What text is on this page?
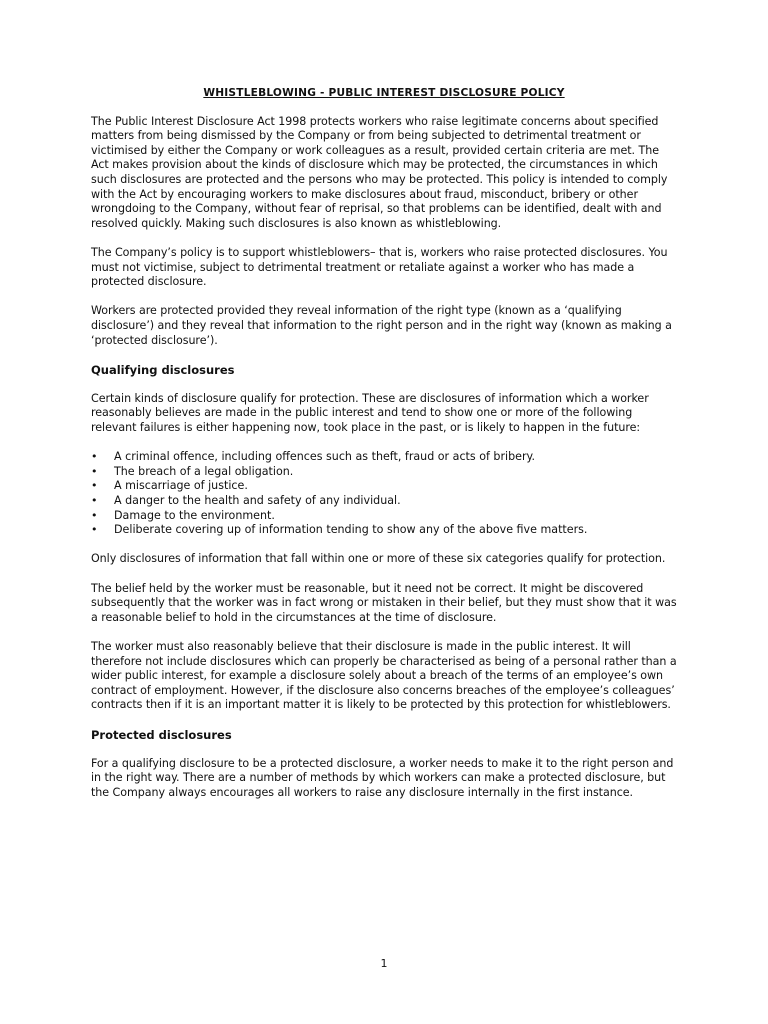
WHISTLEBLOWING - PUBLIC INTEREST DISCLOSURE POLICY

The Public Interest Disclosure Act 1998 protects workers who raise legitimate concerns about specified matters from being dismissed by the Company or from being subjected to detrimental treatment or victimised by either the Company or work colleagues as a result, provided certain criteria are met. The Act makes provision about the kinds of disclosure which may be protected, the circumstances in which such disclosures are protected and the persons who may be protected. This policy is intended to comply with the Act by encouraging workers to make disclosures about fraud, misconduct, bribery or other wrongdoing to the Company, without fear of reprisal, so that problems can be identified, dealt with and resolved quickly. Making such disclosures is also known as whistleblowing.

The Company’s policy is to support whistleblowers– that is, workers who raise protected disclosures. You must not victimise, subject to detrimental treatment or retaliate against a worker who has made a protected disclosure.

Workers are protected provided they reveal information of the right type (known as a ‘qualifying disclosure’) and they reveal that information to the right person and in the right way (known as making a ‘protected disclosure’).

Qualifying disclosures

Certain kinds of disclosure qualify for protection. These are disclosures of information which a worker reasonably believes are made in the public interest and tend to show one or more of the following relevant failures is either happening now, took place in the past, or is likely to happen in the future:

• A criminal offence, including offences such as theft, fraud or acts of bribery.
• The breach of a legal obligation.
• A miscarriage of justice.
• A danger to the health and safety of any individual.
• Damage to the environment.
• Deliberate covering up of information tending to show any of the above five matters.

Only disclosures of information that fall within one or more of these six categories qualify for protection.

The belief held by the worker must be reasonable, but it need not be correct. It might be discovered subsequently that the worker was in fact wrong or mistaken in their belief, but they must show that it was a reasonable belief to hold in the circumstances at the time of disclosure.

The worker must also reasonably believe that their disclosure is made in the public interest. It will therefore not include disclosures which can properly be characterised as being of a personal rather than a wider public interest, for example a disclosure solely about a breach of the terms of an employee’s own contract of employment. However, if the disclosure also concerns breaches of the employee’s colleagues’ contracts then if it is an important matter it is likely to be protected by this protection for whistleblowers.

Protected disclosures

For a qualifying disclosure to be a protected disclosure, a worker needs to make it to the right person and in the right way. There are a number of methods by which workers can make a protected disclosure, but the Company always encourages all workers to raise any disclosure internally in the first instance.

1
